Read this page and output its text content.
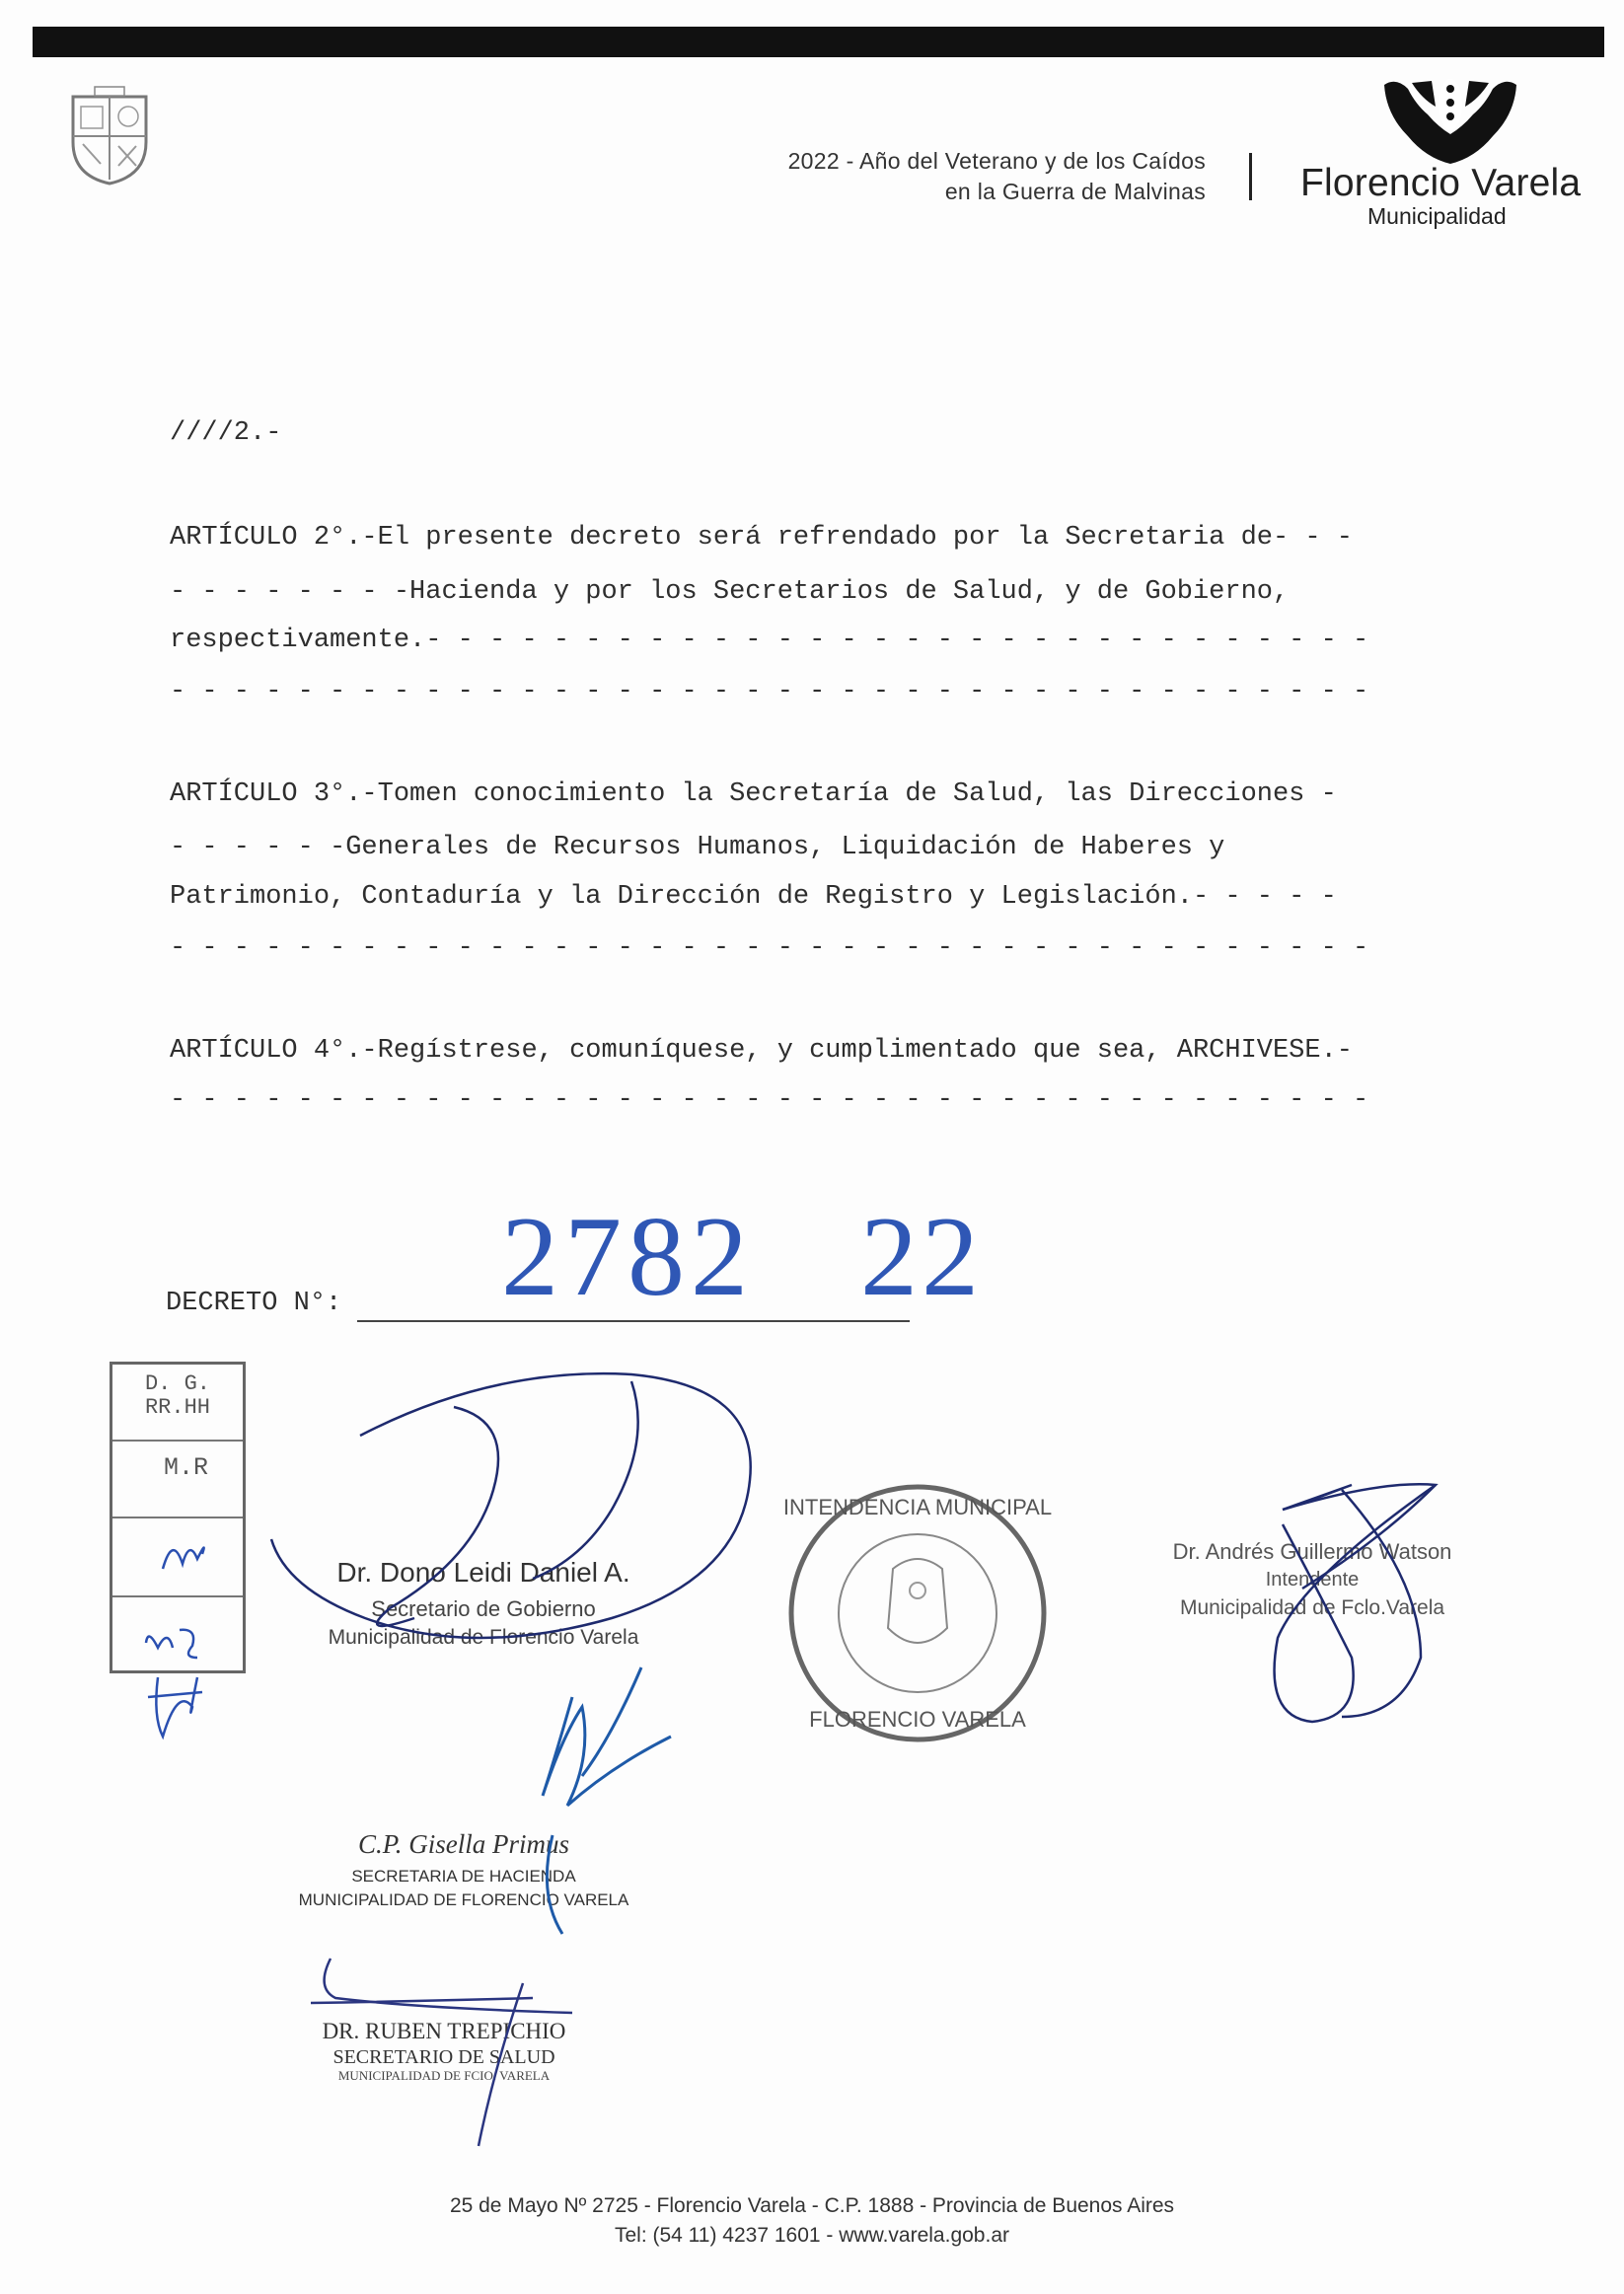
2022 - Año del Veterano y de los Caídos
en la Guerra de Malvinas Florencio Varela
Municipalidad
////2.-
ARTÍCULO 2°.-El presente decreto será refrendado por la Secretaria de- - -
- - - - - - - -Hacienda y por los Secretarios de Salud, y de Gobierno,
respectivamente.- - - - - - - - - - - - - - - - - - - - - - - - - - - - - -
- - - - - - - - - - - - - - - - - - - - - - - - - - - - - - - - - - - - - -
ARTÍCULO 3°.-Tomen conocimiento la Secretaría de Salud, las Direcciones -
- - - - - -Generales de Recursos Humanos, Liquidación de Haberes y
Patrimonio, Contaduría y la Dirección de Registro y Legislación.- - - - -
- - - - - - - - - - - - - - - - - - - - - - - - - - - - - - - - - - - - - -
ARTÍCULO 4°.-Regístrese, comuníquese, y cumplimentado que sea, ARCHIVESE.-
- - - - - - - - - - - - - - - - - - - - - - - - - - - - - - - - - - - - - -
DECRETO N°: 2782 22
D. G.
RR.HH
M.R
Dr. Dono Leidi Daniel A.
Secretario de Gobierno
Municipalidad de Florencio Varela
Dr. Andrés Guillermo Watson
Intendente
Municipalidad de Fclo.Varela
C.P. Gisella Primus
SECRETARIA DE HACIENDA
MUNICIPALIDAD DE FLORENCIO VARELA
DR. RUBEN TREPICHIO
SECRETARIO DE SALUD
MUNICIPALIDAD DE FCIO. VARELA
INTENDENCIA MUNICIPAL
FLORENCIO VARELA
25 de Mayo Nº 2725 - Florencio Varela - C.P. 1888 - Provincia de Buenos Aires
Tel: (54 11) 4237 1601 - www.varela.gob.ar
